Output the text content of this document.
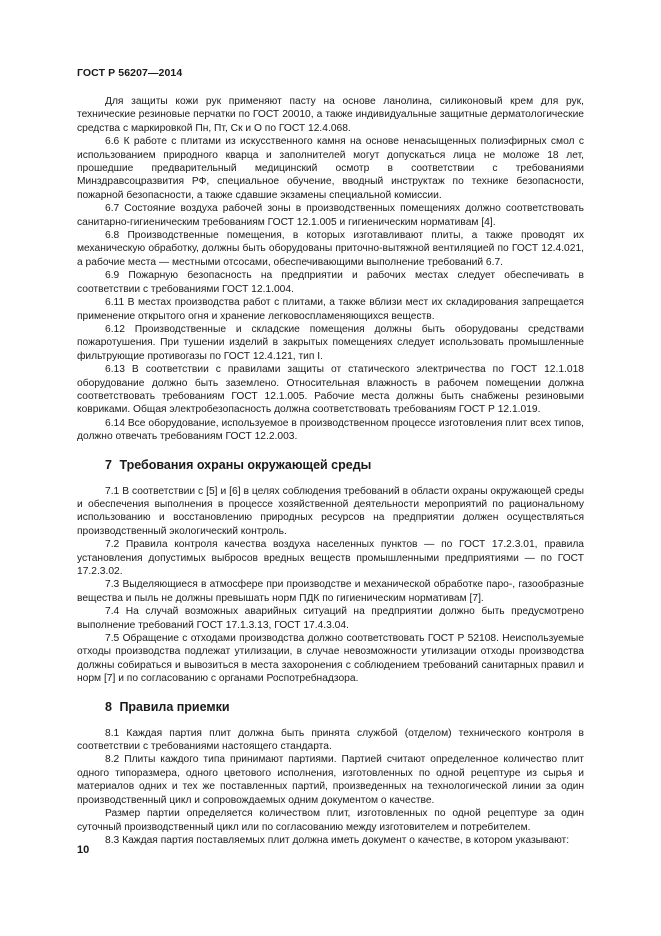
ГОСТ Р 56207—2014

Для защиты кожи рук применяют пасту на основе ланолина, силиконовый крем для рук, технические резиновые перчатки по ГОСТ 20010, а также индивидуальные защитные дерматологические средства с маркировкой Пн, Пт, Ск и О по ГОСТ 12.4.068.

6.6 К работе с плитами из искусственного камня на основе ненасыщенных полиэфирных смол с использованием природного кварца и заполнителей могут допускаться лица не моложе 18 лет, прошедшие предварительный медицинский осмотр в соответствии с требованиями Минздравсоцразвития РФ, специальное обучение, вводный инструктаж по технике безопасности, пожарной безопасности, а также сдавшие экзамены специальной комиссии.

6.7 Состояние воздуха рабочей зоны в производственных помещениях должно соответствовать санитарно-гигиеническим требованиям ГОСТ 12.1.005 и гигиеническим нормативам [4].

6.8 Производственные помещения, в которых изготавливают плиты, а также проводят их механическую обработку, должны быть оборудованы приточно-вытяжной вентиляцией по ГОСТ 12.4.021, а рабочие места — местными отсосами, обеспечивающими выполнение требований 6.7.

6.9 Пожарную безопасность на предприятии и рабочих местах следует обеспечивать в соответствии с требованиями ГОСТ 12.1.004.

6.11 В местах производства работ с плитами, а также вблизи мест их складирования запрещается применение открытого огня и хранение легковоспламеняющихся веществ.

6.12 Производственные и складские помещения должны быть оборудованы средствами пожаротушения. При тушении изделий в закрытых помещениях следует использовать промышленные фильтрующие противогазы по ГОСТ 12.4.121, тип I.

6.13 В соответствии с правилами защиты от статического электричества по ГОСТ 12.1.018 оборудование должно быть заземлено. Относительная влажность в рабочем помещении должна соответствовать требованиям ГОСТ 12.1.005. Рабочие места должны быть снабжены резиновыми ковриками. Общая электробезопасность должна соответствовать требованиям ГОСТ Р 12.1.019.

6.14 Все оборудование, используемое в производственном процессе изготовления плит всех типов, должно отвечать требованиям ГОСТ 12.2.003.

7 Требования охраны окружающей среды

7.1 В соответствии с [5] и [6] в целях соблюдения требований в области охраны окружающей среды и обеспечения выполнения в процессе хозяйственной деятельности мероприятий по рациональному использованию и восстановлению природных ресурсов на предприятии должен осуществляться производственный экологический контроль.

7.2 Правила контроля качества воздуха населенных пунктов — по ГОСТ 17.2.3.01, правила установления допустимых выбросов вредных веществ промышленными предприятиями — по ГОСТ 17.2.3.02.

7.3 Выделяющиеся в атмосфере при производстве и механической обработке паро-, газообразные вещества и пыль не должны превышать норм ПДК по гигиеническим нормативам [7].

7.4 На случай возможных аварийных ситуаций на предприятии должно быть предусмотрено выполнение требований ГОСТ 17.1.3.13, ГОСТ 17.4.3.04.

7.5 Обращение с отходами производства должно соответствовать ГОСТ Р 52108. Неиспользуемые отходы производства подлежат утилизации, в случае невозможности утилизации отходы производства должны собираться и вывозиться в места захоронения с соблюдением требований санитарных правил и норм [7] и по согласованию с органами Роспотребнадзора.

8 Правила приемки

8.1 Каждая партия плит должна быть принята службой (отделом) технического контроля в соответствии с требованиями настоящего стандарта.

8.2 Плиты каждого типа принимают партиями. Партией считают определенное количество плит одного типоразмера, одного цветового исполнения, изготовленных по одной рецептуре из сырья и материалов одних и тех же поставленных партий, произведенных на технологической линии за один производственный цикл и сопровождаемых одним документом о качестве.

Размер партии определяется количеством плит, изготовленных по одной рецептуре за один суточный производственный цикл или по согласованию между изготовителем и потребителем.

8.3 Каждая партия поставляемых плит должна иметь документ о качестве, в котором указывают:

10
